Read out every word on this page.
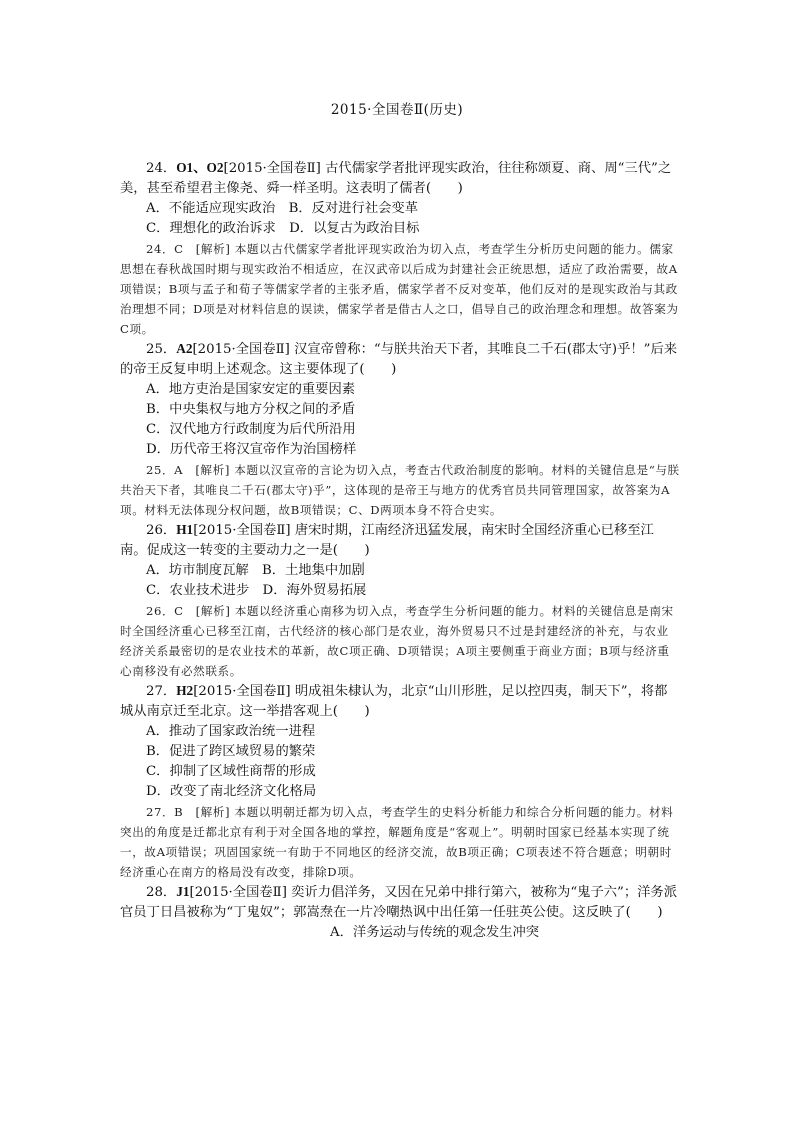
2015·全国卷Ⅱ(历史)

24．O1、O2[2015·全国卷Ⅱ] 古代儒家学者批评现实政治，往往称颂夏、商、周“三代”之美，甚至希望君主像尧、舜一样圣明。这表明了儒者(　　)

A．不能适应现实政治　B．反对进行社会变革

C．理想化的政治诉求　D．以复古为政治目标

24．C　[解析] 本题以古代儒家学者批评现实政治为切入点，考查学生分析历史问题的能力。儒家思想在春秋战国时期与现实政治不相适应，在汉武帝以后成为封建社会正统思想，适应了政治需要，故A项错误；B项与孟子和荀子等儒家学者的主张矛盾，儒家学者不反对变革，他们反对的是现实政治与其政治理想不同；D项是对材料信息的误读，儒家学者是借古人之口，倡导自己的政治理念和理想。故答案为C项。

25．A2[2015·全国卷Ⅱ] 汉宣帝曾称：“与朕共治天下者，其唯良二千石(郡太守)乎！”后来的帝王反复申明上述观念。这主要体现了(　　)

A．地方吏治是国家安定的重要因素

B．中央集权与地方分权之间的矛盾

C．汉代地方行政制度为后代所沿用

D．历代帝王将汉宣帝作为治国榜样

25．A　[解析] 本题以汉宣帝的言论为切入点，考查古代政治制度的影响。材料的关键信息是“与朕共治天下者，其唯良二千石(郡太守)乎”，这体现的是帝王与地方的优秀官员共同管理国家，故答案为A项。材料无法体现分权问题，故B项错误；C、D两项本身不符合史实。

26．H1[2015·全国卷Ⅱ] 唐宋时期，江南经济迅猛发展，南宋时全国经济重心已移至江南。促成这一转变的主要动力之一是(　　)

A．坊市制度瓦解　B．土地集中加剧

C．农业技术进步　D．海外贸易拓展

26．C　[解析] 本题以经济重心南移为切入点，考查学生分析问题的能力。材料的关键信息是南宋时全国经济重心已移至江南，古代经济的核心部门是农业，海外贸易只不过是封建经济的补充，与农业经济关系最密切的是农业技术的革新，故C项正确、D项错误；A项主要侧重于商业方面；B项与经济重心南移没有必然联系。

27．H2[2015·全国卷Ⅱ] 明成祖朱棣认为，北京“山川形胜，足以控四夷，制天下”，将都城从南京迁至北京。这一举措客观上(　　)

A．推动了国家政治统一进程

B．促进了跨区域贸易的繁荣

C．抑制了区域性商帮的形成

D．改变了南北经济文化格局

27．B　[解析] 本题以明朝迁都为切入点，考查学生的史料分析能力和综合分析问题的能力。材料突出的角度是迁都北京有利于对全国各地的掌控，解题角度是“客观上”。明朝时国家已经基本实现了统一，故A项错误；巩固国家统一有助于不同地区的经济交流，故B项正确；C项表述不符合题意；明朝时经济重心在南方的格局没有改变，排除D项。

28．J1[2015·全国卷Ⅱ] 奕䜣力倡洋务，又因在兄弟中排行第六，被称为“鬼子六”；洋务派官员丁日昌被称为“丁鬼奴”；郭嵩焘在一片冷嘲热讽中出任第一任驻英公使。这反映了(　　)

A．洋务运动与传统的观念发生冲突
